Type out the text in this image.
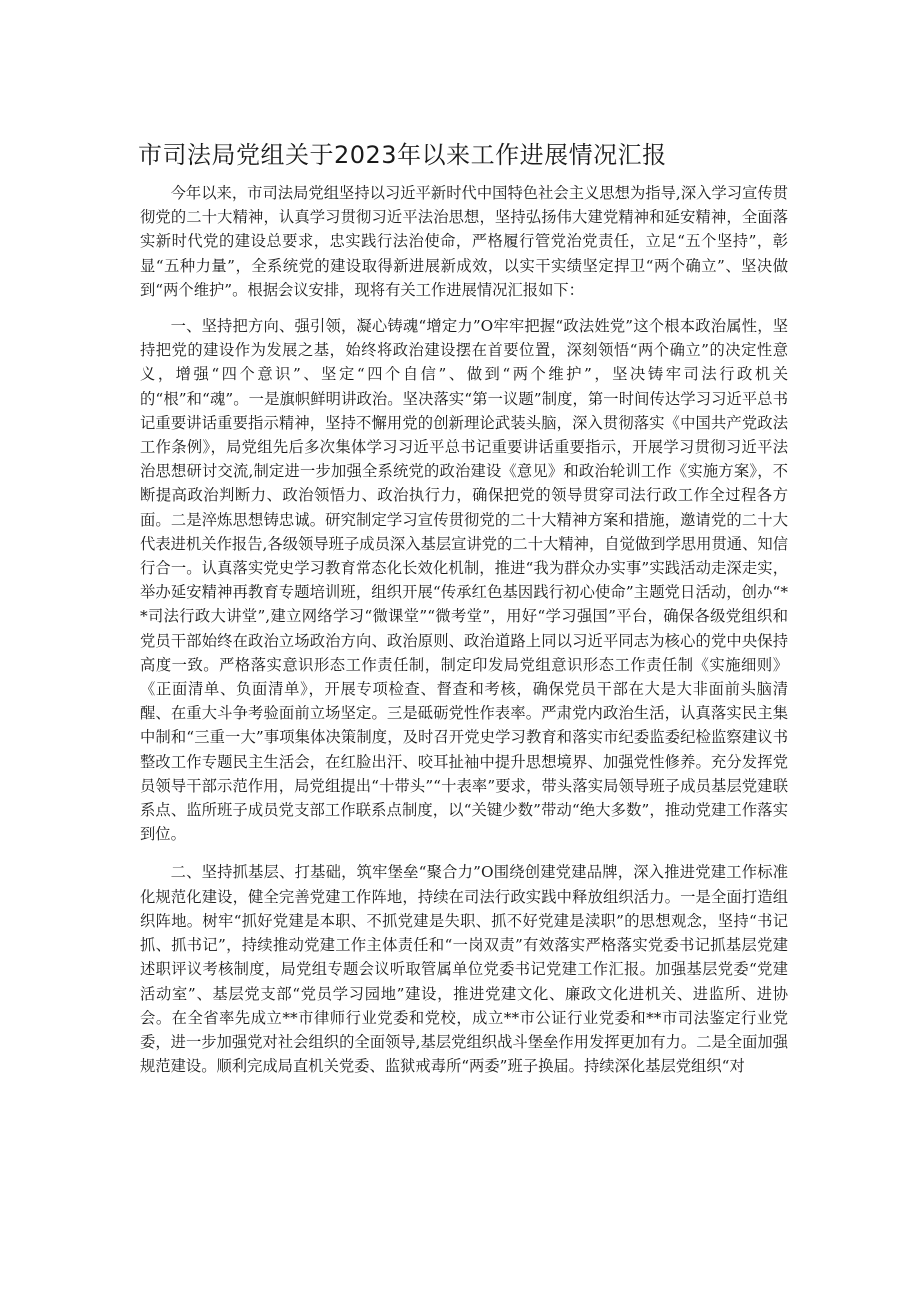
市司法局党组关于2023年以来工作进展情况汇报

今年以来，市司法局党组坚持以习近平新时代中国特色社会主义思想为指导,深入学习宣传贯彻党的二十大精神，认真学习贯彻习近平法治思想，坚持弘扬伟大建党精神和延安精神，全面落实新时代党的建设总要求，忠实践行法治使命，严格履行管党治党责任，立足“五个坚持”，彰显“五种力量”，全系统党的建设取得新进展新成效，以实干实绩坚定捍卫“两个确立”、坚决做到“两个维护”。根据会议安排，现将有关工作进展情况汇报如下：

一、坚持把方向、强引领，凝心铸魂“增定力”O牢牢把握“政法姓党”这个根本政治属性，坚持把党的建设作为发展之基，始终将政治建设摆在首要位置，深刻领悟“两个确立”的决定性意义，增强“四个意识”、坚定“四个自信”、做到“两个维护”，坚决铸牢司法行政机关的“根”和“魂”。一是旗帜鲜明讲政治。坚决落实“第一议题”制度，第一时间传达学习习近平总书记重要讲话重要指示精神，坚持不懈用党的创新理论武装头脑，深入贯彻落实《中国共产党政法工作条例》，局党组先后多次集体学习习近平总书记重要讲话重要指示，开展学习贯彻习近平法治思想研讨交流,制定进一步加强全系统党的政治建设《意见》和政治轮训工作《实施方案》，不断提高政治判断力、政治领悟力、政治执行力，确保把党的领导贯穿司法行政工作全过程各方面。二是淬炼思想铸忠诚。研究制定学习宣传贯彻党的二十大精神方案和措施，邀请党的二十大代表进机关作报告,各级领导班子成员深入基层宣讲党的二十大精神，自觉做到学思用贯通、知信行合一。认真落实党史学习教育常态化长效化机制，推进“我为群众办实事”实践活动走深走实，举办延安精神再教育专题培训班，组织开展“传承红色基因践行初心使命”主题党日活动，创办“**司法行政大讲堂”,建立网络学习“微课堂”“微考堂”，用好“学习强国”平台，确保各级党组织和党员干部始终在政治立场政治方向、政治原则、政治道路上同以习近平同志为核心的党中央保持高度一致。严格落实意识形态工作责任制，制定印发局党组意识形态工作责任制《实施细则》《正面清单、负面清单》，开展专项检查、督查和考核，确保党员干部在大是大非面前头脑清醒、在重大斗争考验面前立场坚定。三是砥砺党性作表率。严肃党内政治生活，认真落实民主集中制和“三重一大”事项集体决策制度，及时召开党史学习教育和落实市纪委监委纪检监察建议书整改工作专题民主生活会，在红脸出汗、咬耳扯袖中提升思想境界、加强党性修养。充分发挥党员领导干部示范作用，局党组提出“十带头”“十表率”要求，带头落实局领导班子成员基层党建联系点、监所班子成员党支部工作联系点制度，以“关键少数”带动“绝大多数”，推动党建工作落实到位。

二、坚持抓基层、打基础，筑牢堡垒“聚合力”O围绕创建党建品牌，深入推进党建工作标准化规范化建设，健全完善党建工作阵地，持续在司法行政实践中释放组织活力。一是全面打造组织阵地。树牢“抓好党建是本职、不抓党建是失职、抓不好党建是渎职”的思想观念，坚持“书记抓、抓书记”，持续推动党建工作主体责任和“一岗双责”有效落实严格落实党委书记抓基层党建述职评议考核制度，局党组专题会议听取管属单位党委书记党建工作汇报。加强基层党委“党建活动室”、基层党支部“党员学习园地”建设，推进党建文化、廉政文化进机关、进监所、进协会。在全省率先成立**市律师行业党委和党校，成立**市公证行业党委和**市司法鉴定行业党委，进一步加强党对社会组织的全面领导,基层党组织战斗堡垒作用发挥更加有力。二是全面加强规范建设。顺利完成局直机关党委、监狱戒毒所“两委”班子换届。持续深化基层党组织“对
